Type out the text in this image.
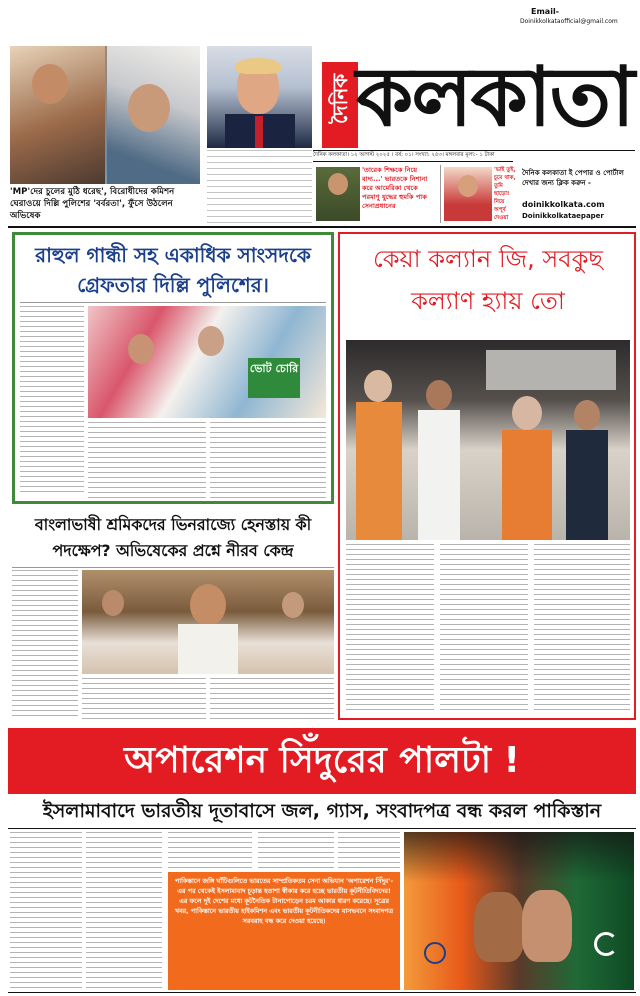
'MP'দের চুলের মুঠি ধরেছ', বিরোধীদের কমিশন ঘেরাওয়ে দিল্লি পুলিশের 'বর্বরতা', ফুঁসে উঠলেন অভিষেক
দৈনিক কলকাতা
Email-
Doinikkolkataofficial@gmail.com
দৈনিক কলকাতা। ১২ আগস্ট ২০২৫ । বর্ষ: ০১। সংখ্যা: ২৫৩। মঙ্গলবার মূল্য:- ১ টাকা
'তারেক শিক্ষকে নিয়ে বাদ্য...' ভারতকে নিশানা করে আমেরিকা থেকে পরমাণু যুদ্ধের হুমকি পাক সেনাপ্রধানের
'ভাই তুই, চুমে থাক, তুমি ছাড়ো! নিয়ে অপূর্ব দেওয়া
দৈনিক কলকাতা ই পেপার ও পোর্টাল দেখার জন্য ক্লিক করুন -
doinikkolkata.com
Doinikkolkataepaper
রাহুল গান্ধী সহ একাধিক সাংসদকে গ্রেফতার দিল্লি পুলিশের।
ভোট চোরি
বাংলাভাষী শ্রমিকদের ভিনরাজ্যে হেনস্তায় কী পদক্ষেপ? অভিষেকের প্রশ্নে নীরব কেন্দ্র
কেয়া কল্যান জি, সবকুছ কল্যাণ হ্যায় তো
অপারেশন সিঁদুরের পালটা !
ইসলামাবাদে ভারতীয় দূতাবাসে জল, গ্যাস, সংবাদপত্র বন্ধ করল পাকিস্তান
পাকিস্তানে জঙ্গি ঘাঁটিগুলিতে ভারতের সাম্প্রতিকতম সেনা অভিযান 'অপারেশন সিঁদুর'-এর পর থেকেই ইসলামাবাদ চূড়ান্ত হতাশা স্বীকার করে হচ্ছে ভারতীয় কূটনীতিবিদদের! এর ফলে দুই দেশের মধ্যে কূটনৈতিক টানাপোড়েন চরম আকার ধারণ করেছে। সূত্রের খবর, পাকিস্তানে ভারতীয় হাইকমিশন এবং ভারতীয় কূটনীতিকদের বাসভবনে সংবাদপত্র সরবরাহ বন্ধ করে দেওয়া হয়েছে।
